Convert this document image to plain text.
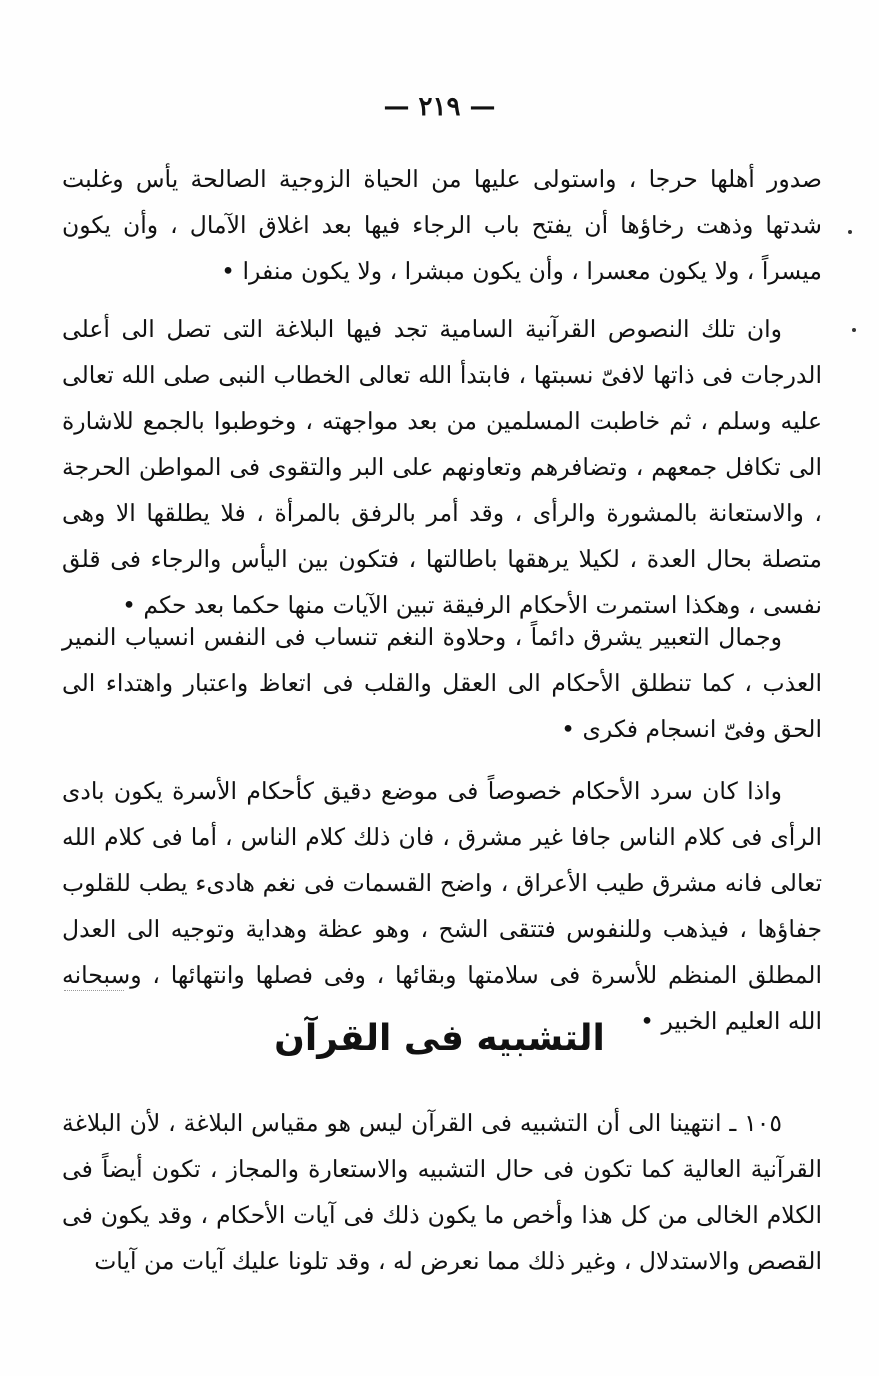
— ٢١٩ —

صدور أهلها حرجا ، واستولى عليها من الحياة الزوجية الصالحة يأس وغلبت شدتها وذهت رخاؤها أن يفتح باب الرجاء فيها بعد اغلاق الآمال ، وأن يكون ميسراً ، ولا يكون معسرا ، وأن يكون مبشرا ، ولا يكون منفرا •

وان تلك النصوص القرآنية السامية تجد فيها البلاغة التى تصل الى أعلى الدرجات فى ذاتها لافىّ نسبتها ، فابتدأ الله تعالى الخطاب النبى صلى الله تعالى عليه وسلم ، ثم خاطبت المسلمين من بعد مواجهته ، وخوطبوا بالجمع للاشارة الى تكافل جمعهم ، وتضافرهم وتعاونهم على البر والتقوى فى المواطن الحرجة ، والاستعانة بالمشورة والرأى ، وقد أمر بالرفق بالمرأة ، فلا يطلقها الا وهى متصلة بحال العدة ، لكيلا يرهقها باطالتها ، فتكون بين اليأس والرجاء فى قلق نفسى ، وهكذا استمرت الأحكام الرفيقة تبين الآيات منها حكما بعد حكم •

وجمال التعبير يشرق دائماً ، وحلاوة النغم تنساب فى النفس انسياب النمير العذب ، كما تنطلق الأحكام الى العقل والقلب فى اتعاظ واعتبار واهتداء الى الحق وفىّ انسجام فكرى •

واذا كان سرد الأحكام خصوصاً فى موضع دقيق كأحكام الأسرة يكون بادى الرأى فى كلام الناس جافا غير مشرق ، فان ذلك كلام الناس ، أما فى كلام الله تعالى فانه مشرق طيب الأعراق ، واضح القسمات فى نغم هادىء يطب للقلوب جفاؤها ، فيذهب وللنفوس فتتقى الشح ، وهو عظة وهداية وتوجيه الى العدل المطلق المنظم للأسرة فى سلامتها وبقائها ، وفى فصلها وانتهائها ، وسبحانه الله العليم الخبير •

التشبيه فى القرآن

١٠٥ ـ انتهينا الى أن التشبيه فى القرآن ليس هو مقياس البلاغة ، لأن البلاغة القرآنية العالية كما تكون فى حال التشبيه والاستعارة والمجاز ، تكون أيضاً فى الكلام الخالى من كل هذا وأخص ما يكون ذلك فى آيات الأحكام ، وقد يكون فى القصص والاستدلال ، وغير ذلك مما نعرض له ، وقد تلونا عليك آيات من آيات
